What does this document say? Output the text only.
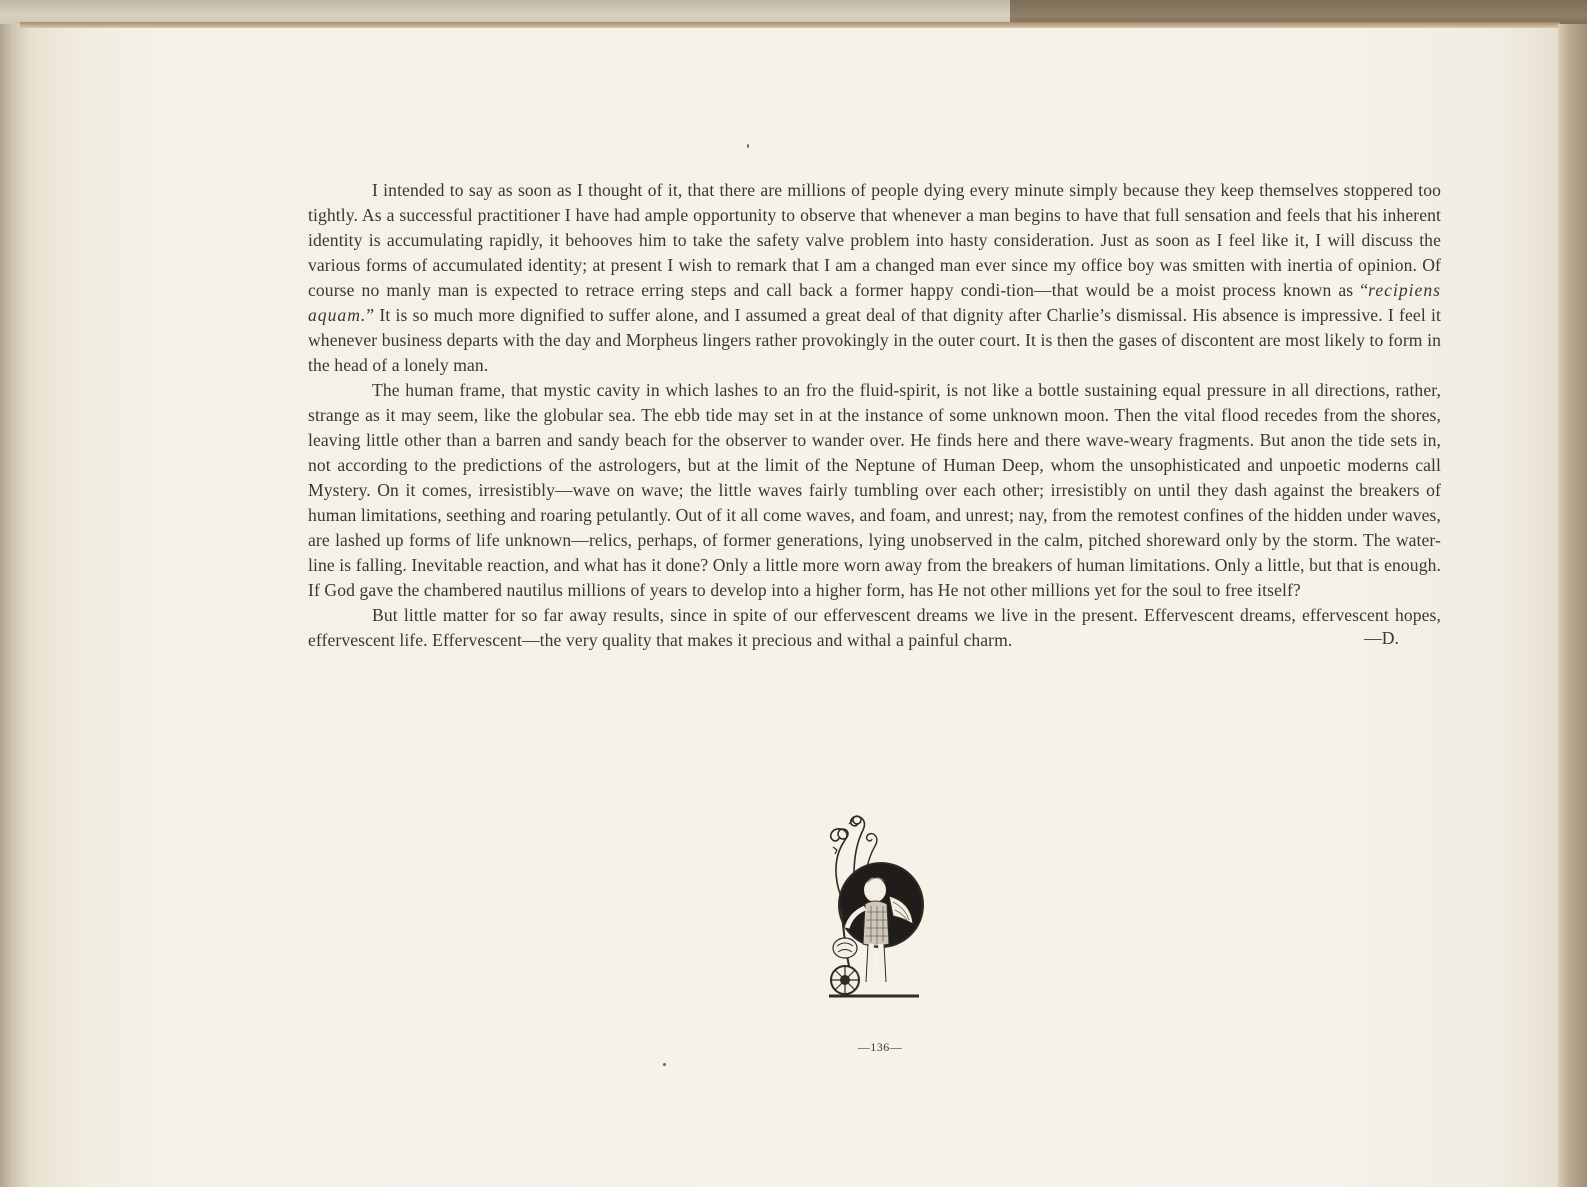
I intended to say as soon as I thought of it, that there are millions of people dying every minute simply because they keep themselves stoppered too tightly. As a successful practitioner I have had ample opportunity to observe that whenever a man begins to have that full sensation and feels that his inherent identity is accumulating rapidly, it behooves him to take the safety valve problem into hasty consideration. Just as soon as I feel like it, I will discuss the various forms of accumulated identity; at present I wish to remark that I am a changed man ever since my office boy was smitten with inertia of opinion. Of course no manly man is expected to retrace erring steps and call back a former happy condi-tion—that would be a moist process known as “recipiens aquam.” It is so much more dignified to suffer alone, and I assumed a great deal of that dignity after Charlie’s dismissal. His absence is impressive. I feel it whenever business departs with the day and Morpheus lingers rather provokingly in the outer court. It is then the gases of discontent are most likely to form in the head of a lonely man.

The human frame, that mystic cavity in which lashes to an fro the fluid-spirit, is not like a bottle sustaining equal pressure in all directions, rather, strange as it may seem, like the globular sea. The ebb tide may set in at the instance of some unknown moon. Then the vital flood recedes from the shores, leaving little other than a barren and sandy beach for the observer to wander over. He finds here and there wave-weary fragments. But anon the tide sets in, not according to the predictions of the astrologers, but at the limit of the Neptune of Human Deep, whom the unsophisticated and unpoetic moderns call Mystery. On it comes, irresistibly—wave on wave; the little waves fairly tumbling over each other; irresistibly on until they dash against the breakers of human limitations, seething and roaring petulantly. Out of it all come waves, and foam, and unrest; nay, from the remotest confines of the hidden under waves, are lashed up forms of life unknown—relics, perhaps, of former generations, lying unobserved in the calm, pitched shoreward only by the storm. The water-line is falling. Inevitable reaction, and what has it done? Only a little more worn away from the breakers of human limitations. Only a little, but that is enough. If God gave the chambered nautilus millions of years to develop into a higher form, has He not other millions yet for the soul to free itself?

But little matter for so far away results, since in spite of our effervescent dreams we live in the present. Effervescent dreams, effervescent hopes, effervescent life. Effervescent—the very quality that makes it precious and withal a painful charm.	—D.

—136—
